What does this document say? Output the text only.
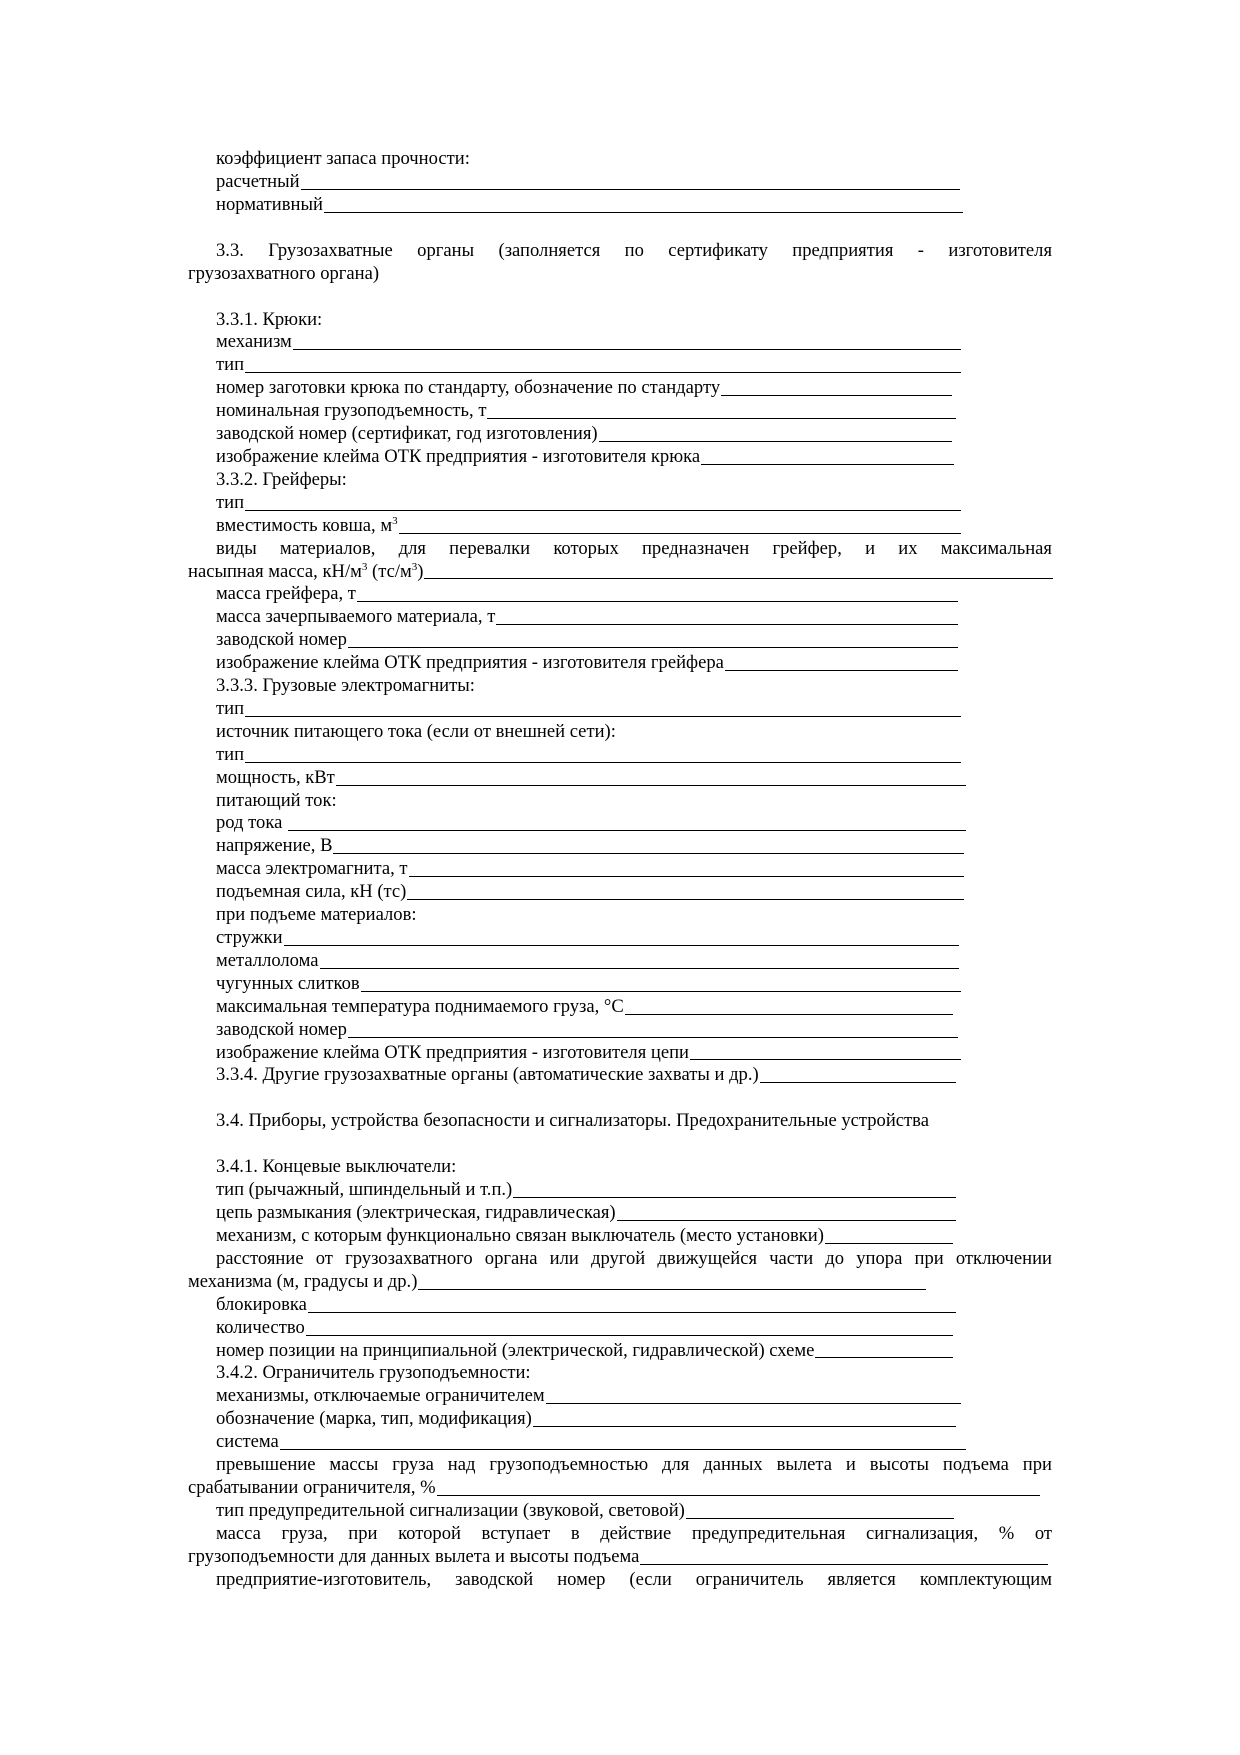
коэффициент запаса прочности:
расчетный
нормативный
3.3. Грузозахватные органы (заполняется по сертификату предприятия - изготовителя
грузозахватного органа)
3.3.1. Крюки:
механизм
тип
номер заготовки крюка по стандарту, обозначение по стандарту
номинальная грузоподъемность, т
заводской номер (сертификат, год изготовления)
изображение клейма ОТК предприятия - изготовителя крюка
3.3.2. Грейферы:
тип
вместимость ковша, $м^3$
виды материалов, для перевалки которых предназначен грейфер, и их максимальная
насыпная масса, $кН/м^3$ $(тс/м^3)$
масса грейфера, т
масса зачерпываемого материала, т
заводской номер
изображение клейма ОТК предприятия - изготовителя грейфера
3.3.3. Грузовые электромагниты:
тип
источник питающего тока (если от внешней сети):
тип
мощность, кВт
питающий ток:
род тока
напряжение, В
масса электромагнита, т
подъемная сила, кН (тс)
при подъеме материалов:
стружки
металлолома
чугунных слитков
максимальная температура поднимаемого груза, °С
заводской номер
изображение клейма ОТК предприятия - изготовителя цепи
3.3.4. Другие грузозахватные органы (автоматические захваты и др.)
3.4. Приборы, устройства безопасности и сигнализаторы. Предохранительные устройства
3.4.1. Концевые выключатели:
тип (рычажный, шпиндельный и т.п.)
цепь размыкания (электрическая, гидравлическая)
механизм, с которым функционально связан выключатель (место установки)
расстояние от грузозахватного органа или другой движущейся части до упора при отключении
механизма (м, градусы и др.)
блокировка
количество
номер позиции на принципиальной (электрической, гидравлической) схеме
3.4.2. Ограничитель грузоподъемности:
механизмы, отключаемые ограничителем
обозначение (марка, тип, модификация)
система
превышение массы груза над грузоподъемностью для данных вылета и высоты подъема при
срабатывании ограничителя, %
тип предупредительной сигнализации (звуковой, световой)
масса груза, при которой вступает в действие предупредительная сигнализация, % от
грузоподъемности для данных вылета и высоты подъема
предприятие-изготовитель, заводской номер (если ограничитель является комплектующим
